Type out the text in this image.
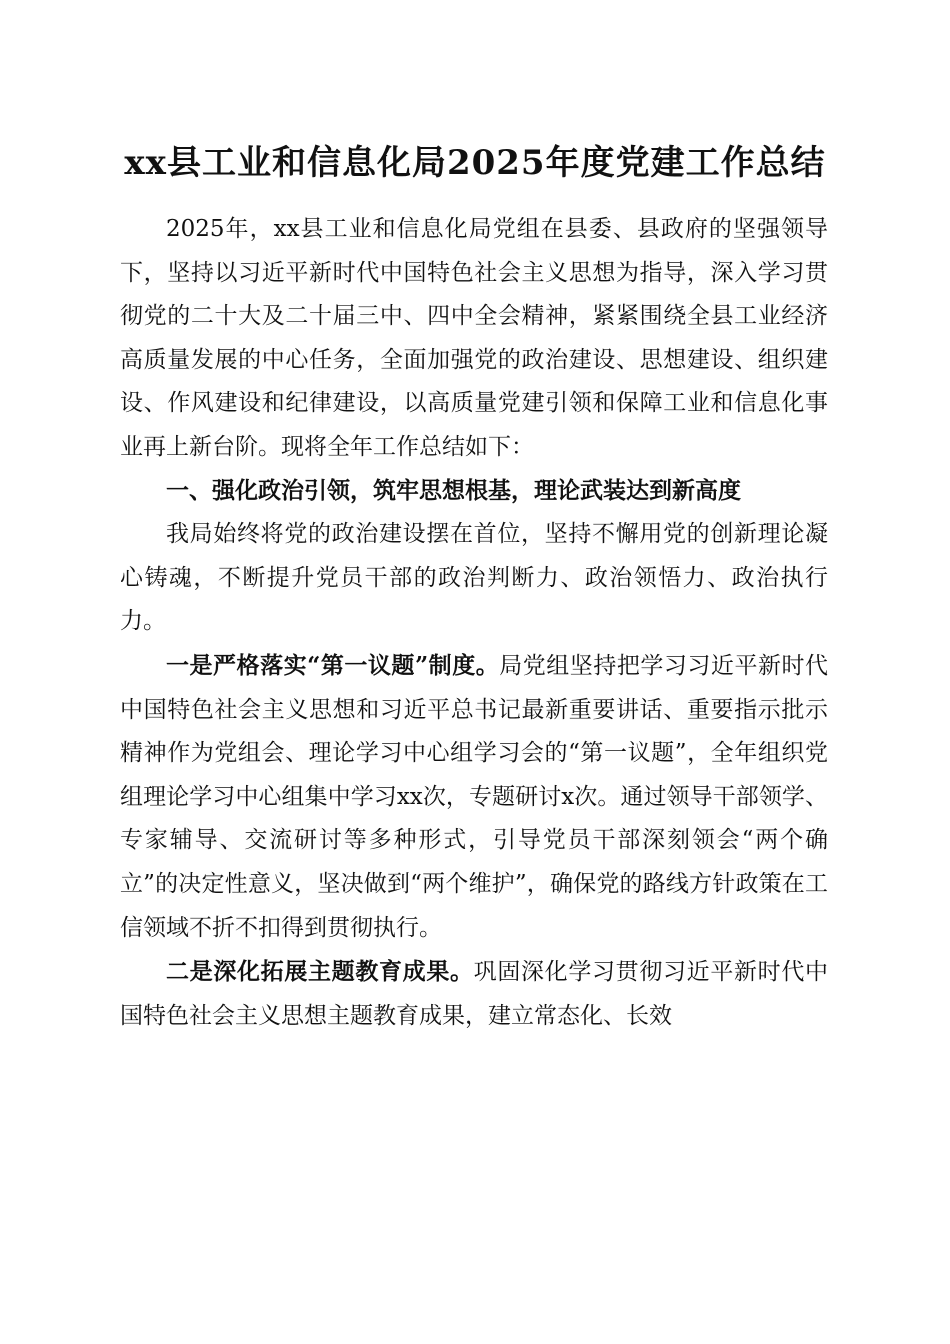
xx县工业和信息化局2025年度党建工作总结

2025年，xx县工业和信息化局党组在县委、县政府的坚强领导下，坚持以习近平新时代中国特色社会主义思想为指导，深入学习贯彻党的二十大及二十届三中、四中全会精神，紧紧围绕全县工业经济高质量发展的中心任务，全面加强党的政治建设、思想建设、组织建设、作风建设和纪律建设，以高质量党建引领和保障工业和信息化事业再上新台阶。现将全年工作总结如下：

一、强化政治引领，筑牢思想根基，理论武装达到新高度

我局始终将党的政治建设摆在首位，坚持不懈用党的创新理论凝心铸魂，不断提升党员干部的政治判断力、政治领悟力、政治执行力。

一是严格落实“第一议题”制度。局党组坚持把学习习近平新时代中国特色社会主义思想和习近平总书记最新重要讲话、重要指示批示精神作为党组会、理论学习中心组学习会的“第一议题”，全年组织党组理论学习中心组集中学习xx次，专题研讨x次。通过领导干部领学、专家辅导、交流研讨等多种形式，引导党员干部深刻领会“两个确立”的决定性意义，坚决做到“两个维护”，确保党的路线方针政策在工信领域不折不扣得到贯彻执行。

二是深化拓展主题教育成果。巩固深化学习贯彻习近平新时代中国特色社会主义思想主题教育成果，建立常态化、长效
